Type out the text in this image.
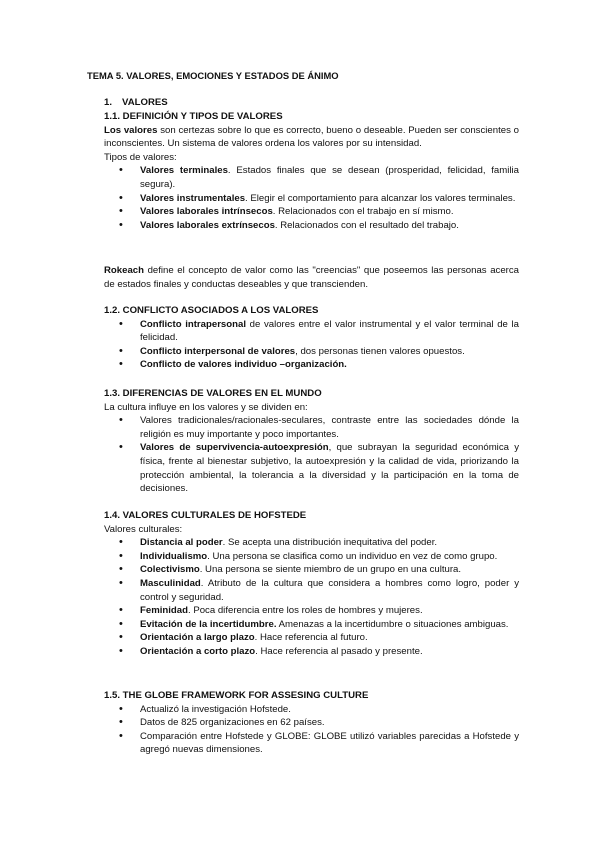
TEMA 5. VALORES, EMOCIONES Y ESTADOS DE ÁNIMO
1. VALORES
1.1. DEFINICIÓN Y TIPOS DE VALORES

Los valores son certezas sobre lo que es correcto, bueno o deseable. Pueden ser conscientes o inconscientes. Un sistema de valores ordena los valores por su intensidad.

Tipos de valores:
• Valores terminales. Estados finales que se desean (prosperidad, felicidad, familia segura).
• Valores instrumentales. Elegir el comportamiento para alcanzar los valores terminales.
• Valores laborales intrínsecos. Relacionados con el trabajo en sí mismo.
• Valores laborales extrínsecos. Relacionados con el resultado del trabajo.

Rokeach define el concepto de valor como las "creencias" que poseemos las personas acerca de estados finales y conductas deseables y que transcienden.

1.2. CONFLICTO ASOCIADOS A LOS VALORES
• Conflicto intrapersonal de valores entre el valor instrumental y el valor terminal de la felicidad.
• Conflicto interpersonal de valores, dos personas tienen valores opuestos.
• Conflicto de valores individuo –organización.
1.3. DIFERENCIAS DE VALORES EN EL MUNDO
La cultura influye en los valores y se dividen en:
• Valores tradicionales/racionales-seculares, contraste entre las sociedades dónde la religión es muy importante y poco importantes.
• Valores de supervivencia-autoexpresión, que subrayan la seguridad económica y física, frente al bienestar subjetivo, la autoexpresión y la calidad de vida, priorizando la protección ambiental, la tolerancia a la diversidad y la participación en la toma de decisiones.
1.4. VALORES CULTURALES DE HOFSTEDE
Valores culturales:
• Distancia al poder. Se acepta una distribución inequitativa del poder.
• Individualismo. Una persona se clasifica como un individuo en vez de como grupo.
• Colectivismo. Una persona se siente miembro de un grupo en una cultura.
• Masculinidad. Atributo de la cultura que considera a hombres como logro, poder y control y seguridad.
• Feminidad. Poca diferencia entre los roles de hombres y mujeres.
• Evitación de la incertidumbre. Amenazas a la incertidumbre o situaciones ambiguas.
• Orientación a largo plazo. Hace referencia al futuro.
• Orientación a corto plazo. Hace referencia al pasado y presente.
1.5. THE GLOBE FRAMEWORK FOR ASSESING CULTURE
• Actualizó la investigación Hofstede.
• Datos de 825 organizaciones en 62 países.
• Comparación entre Hofstede y GLOBE: GLOBE utilizó variables parecidas a Hofstede y agregó nuevas dimensiones.
